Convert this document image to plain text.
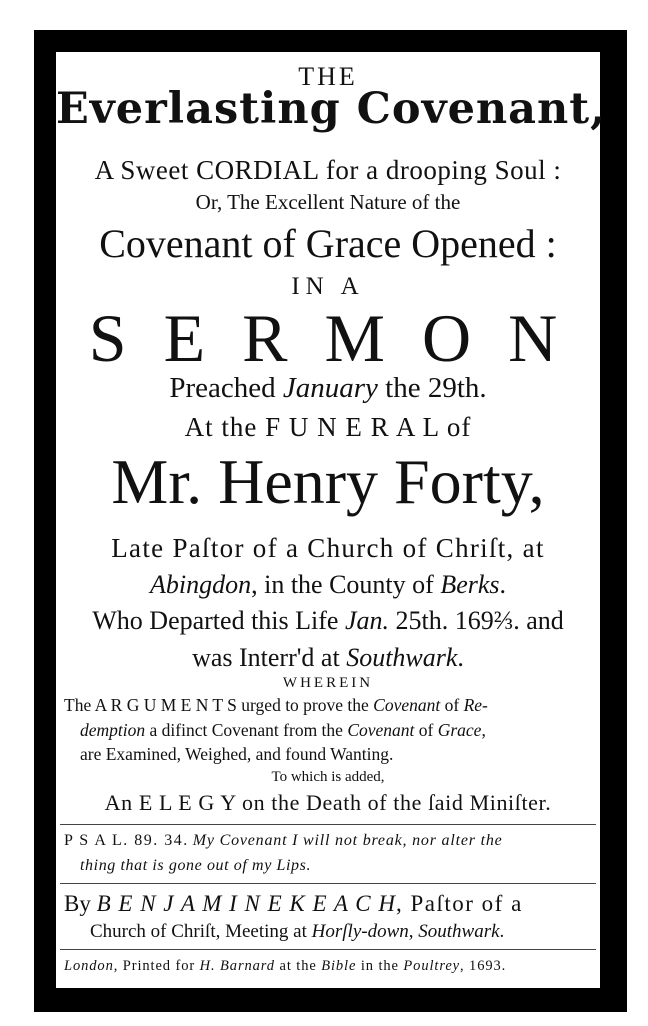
THE
Everlasting Covenant,
A Sweet CORDIAL for a drooping Soul :
Or, The Excellent Nature of the
Covenant of Grace Opened :
IN A
S E R M O N
Preached January the 29th.
At the F U N E R A L of
Mr. Henry Forty,
Late Paſtor of a Church of Chriſt, at
Abingdon, in the County of Berks.
Who Departed this Life Jan. 25th. 169⅔. and
was Interr'd at Southwark.
WHEREIN
The A R G U M E N T S urged to prove the Covenant of Re-
demption a difinct Covenant from the Covenant of Grace,
are Examined, Weighed, and found Wanting.
To which is added,
An E L E G Y on the Death of the ſaid Miniſter.
P S A L. 89. 34. My Covenant I will not break, nor alter the
thing that is gone out of my Lips.
By B E N J A M I N E K E A C H, Paſtor of a
Church of Chriſt, Meeting at Horſly-down, Southwark.
London, Printed for H. Barnard at the Bible in the Poultrey, 1693.
